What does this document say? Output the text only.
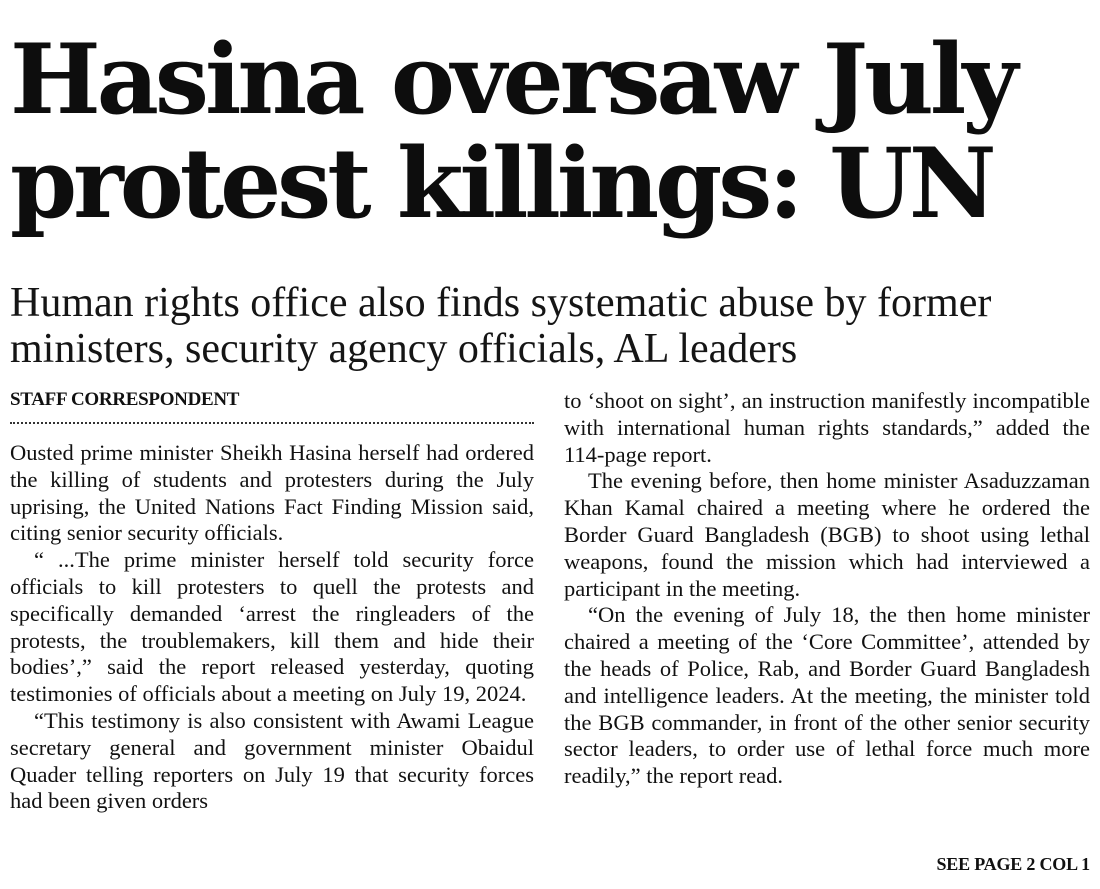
Hasina oversaw July
protest killings: UN
Human rights office also finds systematic abuse by former
ministers, security agency officials, AL leaders
STAFF CORRESPONDENT

Ousted prime minister Sheikh Hasina herself had ordered the killing of students and protesters during the July uprising, the United Nations Fact Finding Mission said, citing senior security officials.

“ ...The prime minister herself told security force officials to kill protesters to quell the protests and specifically demanded ‘arrest the ringleaders of the protests, the troublemakers, kill them and hide their bodies’,” said the report released yesterday, quoting testimonies of officials about a meeting on July 19, 2024.

“This testimony is also consistent with Awami League secretary general and government minister Obaidul Quader telling reporters on July 19 that security forces had been given orders

to ‘shoot on sight’, an instruction manifestly incompatible with international human rights standards,” added the 114-page report.

The evening before, then home minister Asaduzzaman Khan Kamal chaired a meeting where he ordered the Border Guard Bangladesh (BGB) to shoot using lethal weapons, found the mission which had interviewed a participant in the meeting.

“On the evening of July 18, the then home minister chaired a meeting of the ‘Core Committee’, attended by the heads of Police, Rab, and Border Guard Bangladesh and intelligence leaders. At the meeting, the minister told the BGB commander, in front of the other senior security sector leaders, to order use of lethal force much more readily,” the report read.

SEE PAGE 2 COL 1
